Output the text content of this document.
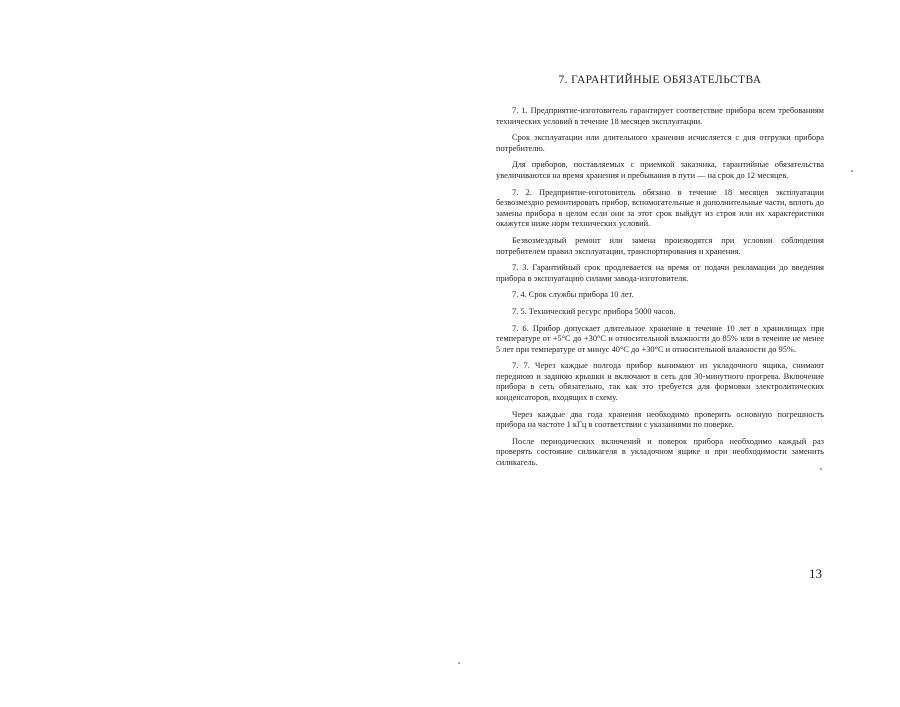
7. ГАРАНТИЙНЫЕ ОБЯЗАТЕЛЬСТВА

7. 1. Предприятие-изготовитель гарантирует соответствие прибора всем требованиям технических условий в течение 18 месяцев эксплуатации.

Срок эксплуатации или длительного хранения исчисляется с дня отгрузки прибора потребителю.

Для приборов, поставляемых с приемкой заказчика, гарантийные обязательства увеличиваются на время хранения и пребывания в пути — на срок до 12 месяцев.

7. 2. Предприятие-изготовитель обязано в течение 18 месяцев эксплуатации безвозмездно ремонтировать прибор, вспомогательные и дополнительные части, вплоть до замены прибора в целом если они за этот срок выйдут из строя или их характеристики окажутся ниже норм технических условий.

Безвозмездный ремонт или замена производятся при условии соблюдения потребителем правил эксплуатации, транспортирования и хранения.

7. 3. Гарантийный срок продлевается на время от подачи рекламации до введения прибора в эксплуатацию силами завода-изготовителя.

7. 4. Срок службы прибора 10 лет.

7. 5. Технический ресурс прибора 5000 часов.

7. 6. Прибор допускает длительное хранение в течение 10 лет в хранилищах при температуре от +5°С до +30°С и относительной влажности до 85% или в течение не менее 5 лет при температуре от минус 40°С до +30°С и относительной влажности до 95%.

7. 7. Через каждые полгода прибор вынимают из укладочного ящика, снимают переднюю и заднюю крышки и включают в сеть для 30-минутного прогрева. Включение прибора в сеть обязательно, так как это требуется для формовки электролитических конденсаторов, входящих в схему.

Через каждые два года хранения необходимо проверить основную погрешность прибора на частоте 1 кГц в соответствии с указаниями по поверке.

После периодических включений и поверок прибора необходимо каждый раз проверять состояние силикагеля в укладочном ящике и при необходимости заменить силикагель.

13
